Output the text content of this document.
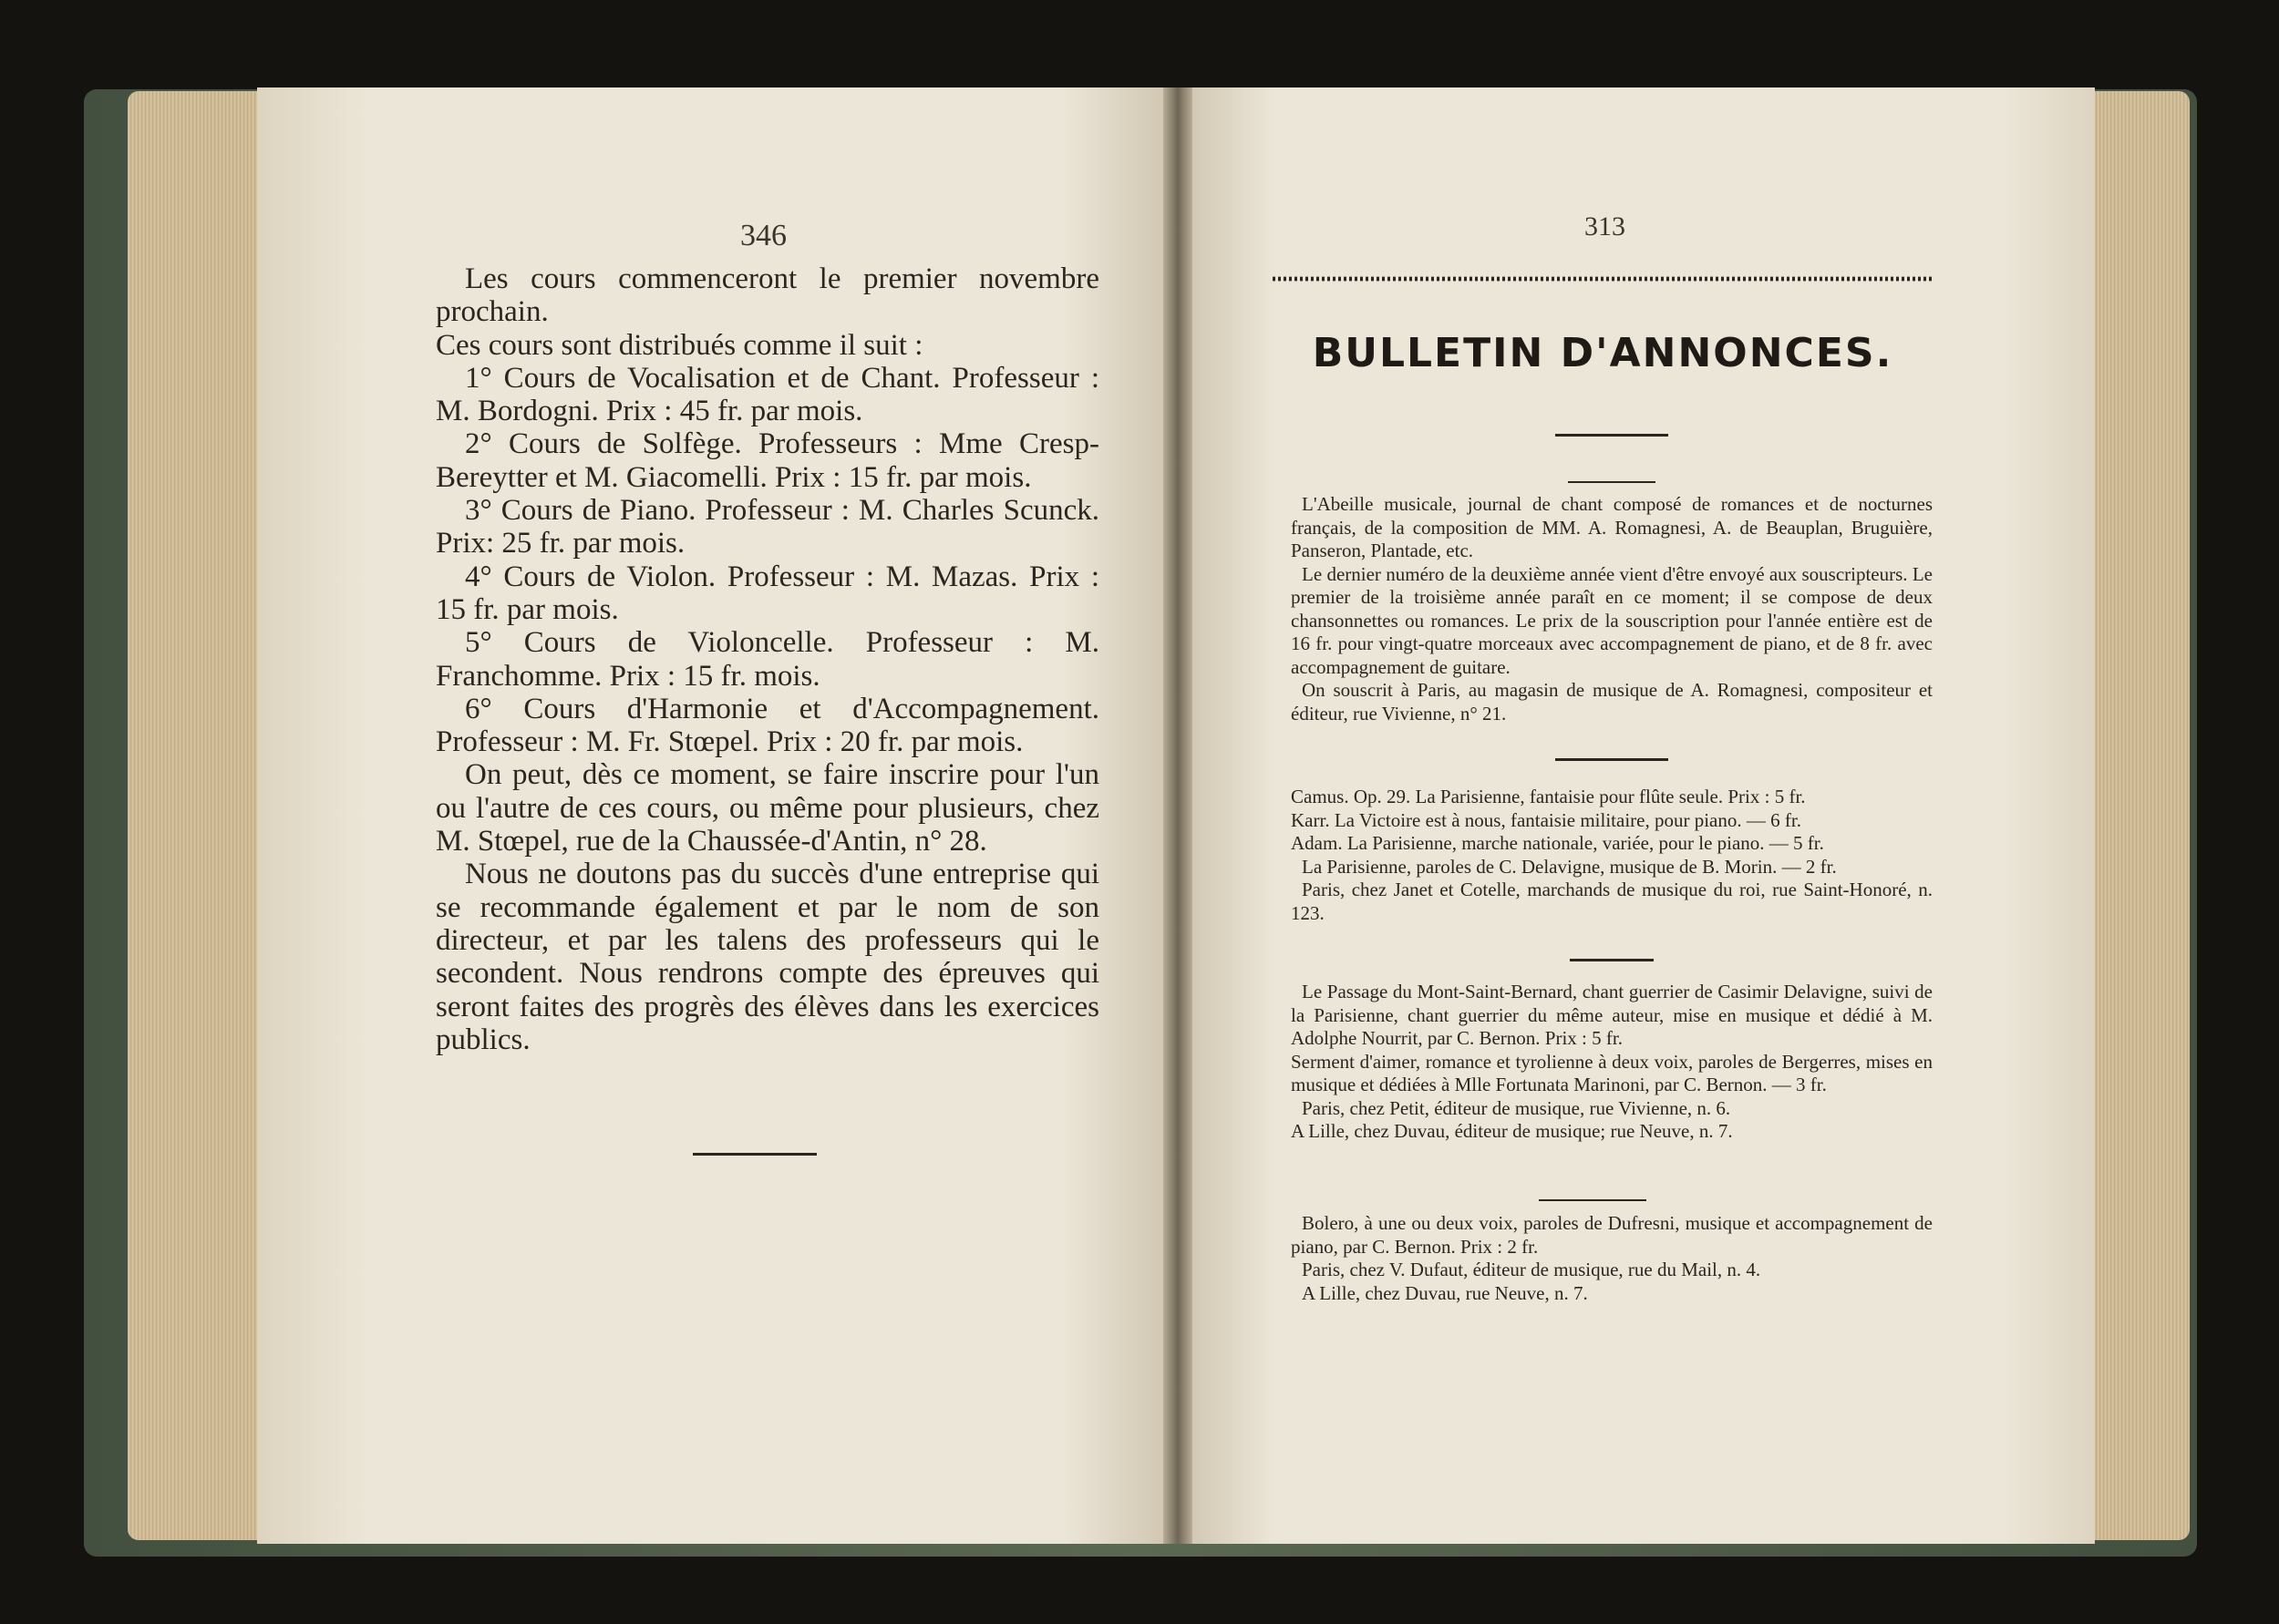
346

Les cours commenceront le premier novembre prochain.

Ces cours sont distribués comme il suit :

1° Cours de Vocalisation et de Chant. Professeur : M. Bordogni. Prix : 45 fr. par mois.

2° Cours de Solfège. Professeurs : Mme Cresp-Bereytter et M. Giacomelli. Prix : 15 fr. par mois.

3° Cours de Piano. Professeur : M. Charles Scunck. Prix: 25 fr. par mois.

4° Cours de Violon. Professeur : M. Mazas. Prix : 15 fr. par mois.

5° Cours de Violoncelle. Professeur : M. Franchomme. Prix : 15 fr. mois.

6° Cours d'Harmonie et d'Accompagnement. Professeur : M. Fr. Stœpel. Prix : 20 fr. par mois.

On peut, dès ce moment, se faire inscrire pour l'un ou l'autre de ces cours, ou même pour plusieurs, chez M. Stœpel, rue de la Chaussée-d'Antin, n° 28.

Nous ne doutons pas du succès d'une entreprise qui se recommande également et par le nom de son directeur, et par les talens des professeurs qui le secondent. Nous rendrons compte des épreuves qui seront faites des progrès des élèves dans les exercices publics.

313
BULLETIN D'ANNONCES.

L'Abeille musicale, journal de chant composé de romances et de nocturnes français, de la composition de MM. A. Romagnesi, A. de Beauplan, Bruguière, Panseron, Plantade, etc.

Le dernier numéro de la deuxième année vient d'être envoyé aux souscripteurs. Le premier de la troisième année paraît en ce moment; il se compose de deux chansonnettes ou romances. Le prix de la souscription pour l'année entière est de 16 fr. pour vingt-quatre morceaux avec accompagnement de piano, et de 8 fr. avec accompagnement de guitare.

On souscrit à Paris, au magasin de musique de A. Romagnesi, compositeur et éditeur, rue Vivienne, n° 21.

Camus. Op. 29. La Parisienne, fantaisie pour flûte seule. Prix : 5 fr.

Karr. La Victoire est à nous, fantaisie militaire, pour piano. — 6 fr.

Adam. La Parisienne, marche nationale, variée, pour le piano. — 5 fr.

La Parisienne, paroles de C. Delavigne, musique de B. Morin. — 2 fr.

Paris, chez Janet et Cotelle, marchands de musique du roi, rue Saint-Honoré, n. 123.

Le Passage du Mont-Saint-Bernard, chant guerrier de Casimir Delavigne, suivi de la Parisienne, chant guerrier du même auteur, mise en musique et dédié à M. Adolphe Nourrit, par C. Bernon. Prix : 5 fr.

Serment d'aimer, romance et tyrolienne à deux voix, paroles de Bergerres, mises en musique et dédiées à Mlle Fortunata Marinoni, par C. Bernon. — 3 fr.

Paris, chez Petit, éditeur de musique, rue Vivienne, n. 6.

A Lille, chez Duvau, éditeur de musique; rue Neuve, n. 7.

Bolero, à une ou deux voix, paroles de Dufresni, musique et accompagnement de piano, par C. Bernon. Prix : 2 fr.

Paris, chez V. Dufaut, éditeur de musique, rue du Mail, n. 4.

A Lille, chez Duvau, rue Neuve, n. 7.
